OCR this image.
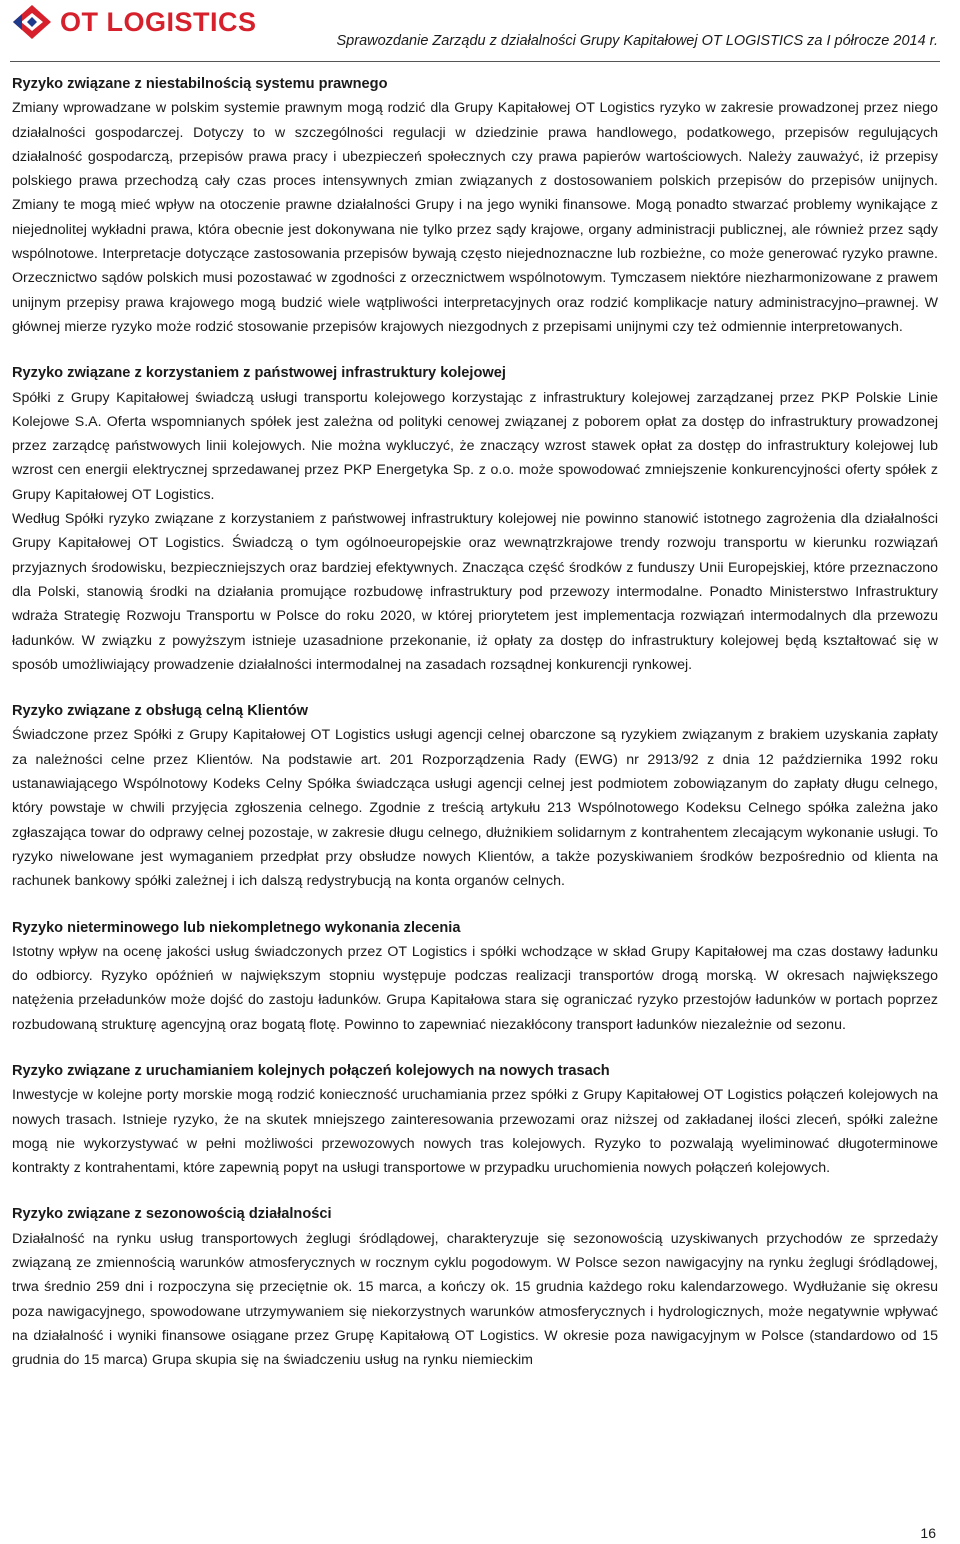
OT LOGISTICS
Sprawozdanie Zarządu z działalności Grupy Kapitałowej OT LOGISTICS za I półrocze 2014 r.
Ryzyko związane z niestabilnością systemu prawnego

Zmiany wprowadzane w polskim systemie prawnym mogą rodzić dla Grupy Kapitałowej OT Logistics ryzyko w zakresie prowadzonej przez niego działalności gospodarczej. Dotyczy to w szczególności regulacji w dziedzinie prawa handlowego, podatkowego, przepisów regulujących działalność gospodarczą, przepisów prawa pracy i ubezpieczeń społecznych czy prawa papierów wartościowych. Należy zauważyć, iż przepisy polskiego prawa przechodzą cały czas proces intensywnych zmian związanych z dostosowaniem polskich przepisów do przepisów unijnych. Zmiany te mogą mieć wpływ na otoczenie prawne działalności Grupy i na jego wyniki finansowe. Mogą ponadto stwarzać problemy wynikające z niejednolitej wykładni prawa, która obecnie jest dokonywana nie tylko przez sądy krajowe, organy administracji publicznej, ale również przez sądy wspólnotowe. Interpretacje dotyczące zastosowania przepisów bywają często niejednoznaczne lub rozbieżne, co może generować ryzyko prawne. Orzecznictwo sądów polskich musi pozostawać w zgodności z orzecznictwem wspólnotowym. Tymczasem niektóre niezharmonizowane z prawem unijnym przepisy prawa krajowego mogą budzić wiele wątpliwości interpretacyjnych oraz rodzić komplikacje natury administracyjno–prawnej. W głównej mierze ryzyko może rodzić stosowanie przepisów krajowych niezgodnych z przepisami unijnymi czy też odmiennie interpretowanych.

Ryzyko związane z korzystaniem z państwowej infrastruktury kolejowej

Spółki z Grupy Kapitałowej świadczą usługi transportu kolejowego korzystając z infrastruktury kolejowej zarządzanej przez PKP Polskie Linie Kolejowe S.A. Oferta wspomnianych spółek jest zależna od polityki cenowej związanej z poborem opłat za dostęp do infrastruktury prowadzonej przez zarządcę państwowych linii kolejowych. Nie można wykluczyć, że znaczący wzrost stawek opłat za dostęp do infrastruktury kolejowej lub wzrost cen energii elektrycznej sprzedawanej przez PKP Energetyka Sp. z o.o. może spowodować zmniejszenie konkurencyjności oferty spółek z Grupy Kapitałowej OT Logistics.

Według Spółki ryzyko związane z korzystaniem z państwowej infrastruktury kolejowej nie powinno stanowić istotnego zagrożenia dla działalności Grupy Kapitałowej OT Logistics. Świadczą o tym ogólnoeuropejskie oraz wewnątrzkrajowe trendy rozwoju transportu w kierunku rozwiązań przyjaznych środowisku, bezpieczniejszych oraz bardziej efektywnych. Znacząca część środków z funduszy Unii Europejskiej, które przeznaczono dla Polski, stanowią środki na działania promujące rozbudowę infrastruktury pod przewozy intermodalne. Ponadto Ministerstwo Infrastruktury wdraża Strategię Rozwoju Transportu w Polsce do roku 2020, w której priorytetem jest implementacja rozwiązań intermodalnych dla przewozu ładunków. W związku z powyższym istnieje uzasadnione przekonanie, iż opłaty za dostęp do infrastruktury kolejowej będą kształtować się w sposób umożliwiający prowadzenie działalności intermodalnej na zasadach rozsądnej konkurencji rynkowej.

Ryzyko związane z obsługą celną Klientów

Świadczone przez Spółki z Grupy Kapitałowej OT Logistics usługi agencji celnej obarczone są ryzykiem związanym z brakiem uzyskania zapłaty za należności celne przez Klientów. Na podstawie art. 201 Rozporządzenia Rady (EWG) nr 2913/92 z dnia 12 października 1992 roku ustanawiającego Wspólnotowy Kodeks Celny Spółka świadcząca usługi agencji celnej jest podmiotem zobowiązanym do zapłaty długu celnego, który powstaje w chwili przyjęcia zgłoszenia celnego. Zgodnie z treścią artykułu 213 Wspólnotowego Kodeksu Celnego spółka zależna jako zgłaszająca towar do odprawy celnej pozostaje, w zakresie długu celnego, dłużnikiem solidarnym z kontrahentem zlecającym wykonanie usługi. To ryzyko niwelowane jest wymaganiem przedpłat przy obsłudze nowych Klientów, a także pozyskiwaniem środków bezpośrednio od klienta na rachunek bankowy spółki zależnej i ich dalszą redystrybucją na konta organów celnych.

Ryzyko nieterminowego lub niekompletnego wykonania zlecenia

Istotny wpływ na ocenę jakości usług świadczonych przez OT Logistics i spółki wchodzące w skład Grupy Kapitałowej ma czas dostawy ładunku do odbiorcy. Ryzyko opóźnień w największym stopniu występuje podczas realizacji transportów drogą morską. W okresach największego natężenia przeładunków może dojść do zastoju ładunków. Grupa Kapitałowa stara się ograniczać ryzyko przestojów ładunków w portach poprzez rozbudowaną strukturę agencyjną oraz bogatą flotę. Powinno to zapewniać niezakłócony transport ładunków niezależnie od sezonu.

Ryzyko związane z uruchamianiem kolejnych połączeń kolejowych na nowych trasach

Inwestycje w kolejne porty morskie mogą rodzić konieczność uruchamiania przez spółki z Grupy Kapitałowej OT Logistics połączeń kolejowych na nowych trasach. Istnieje ryzyko, że na skutek mniejszego zainteresowania przewozami oraz niższej od zakładanej ilości zleceń, spółki zależne mogą nie wykorzystywać w pełni możliwości przewozowych nowych tras kolejowych. Ryzyko to pozwalają wyeliminować długoterminowe kontrakty z kontrahentami, które zapewnią popyt na usługi transportowe w przypadku uruchomienia nowych połączeń kolejowych.

Ryzyko związane z sezonowością działalności

Działalność na rynku usług transportowych żeglugi śródlądowej, charakteryzuje się sezonowością uzyskiwanych przychodów ze sprzedaży związaną ze zmiennością warunków atmosferycznych w rocznym cyklu pogodowym. W Polsce sezon nawigacyjny na rynku żeglugi śródlądowej, trwa średnio 259 dni i rozpoczyna się przeciętnie ok. 15 marca, a kończy ok. 15 grudnia każdego roku kalendarzowego. Wydłużanie się okresu poza nawigacyjnego, spowodowane utrzymywaniem się niekorzystnych warunków atmosferycznych i hydrologicznych, może negatywnie wpływać na działalność i wyniki finansowe osiągane przez Grupę Kapitałową OT Logistics. W okresie poza nawigacyjnym w Polsce (standardowo od 15 grudnia do 15 marca) Grupa skupia się na świadczeniu usług na rynku niemieckim

16
